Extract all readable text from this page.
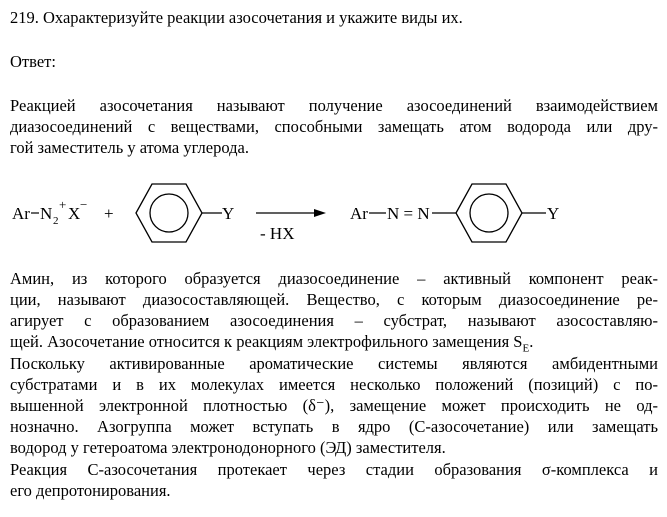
219. Охарактеризуйте реакции азосочетания и укажите виды их.
Ответ:
Реакцией азосочетания называют получение азосоединений взаимодействием
диазосоединений с веществами, способными замещать атом водорода или дру-
гой заместитель у атома углерода.
Ar N 2
+ X − +	Y
- HX
Ar N = N	Y
Амин, из которого образуется диазосоединение – активный компонент реак-
ции, называют диазосоставляющей. Вещество, с которым диазосоединение ре-
агирует с образованием азосоединения – субстрат, называют азосоставляю-
щей. Азосочетание относится к реакциям электрофильного замещения $S_E$.
Поскольку активированные ароматические системы являются амбидентными
субстратами и в их молекулах имеется несколько положений (позиций) с по-
вышенной электронной плотностью (δ⁻), замещение может происходить не од-
нозначно. Азогруппа может вступать в ядро (С-азосочетание) или замещать
водород у гетероатома электронодонорного (ЭД) заместителя.
Реакция С-азосочетания протекает через стадии образования σ-комплекса и
его депротонирования.
